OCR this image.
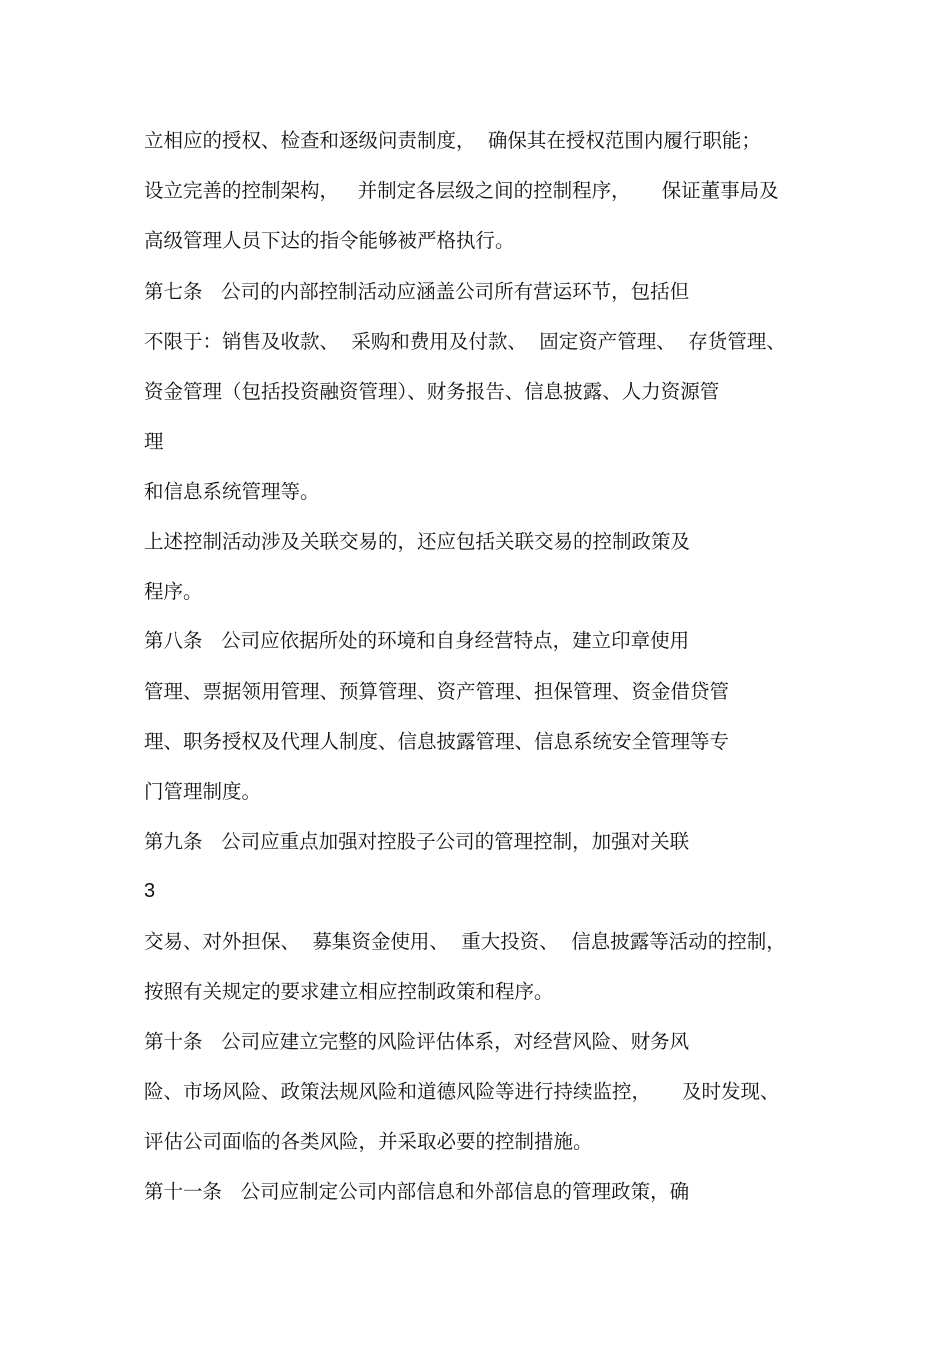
立相应的授权、检查和逐级问责制度，  确保其在授权范围内履行职能；
设立完善的控制架构，   并制定各层级之间的控制程序，     保证董事局及
高级管理人员下达的指令能够被严格执行。
第七条   公司的内部控制活动应涵盖公司所有营运环节，包括但
不限于：销售及收款、  采购和费用及付款、  固定资产管理、  存货管理、
资金管理（包括投资融资管理）、财务报告、信息披露、人力资源管
理
和信息系统管理等。
上述控制活动涉及关联交易的，还应包括关联交易的控制政策及
程序。
第八条   公司应依据所处的环境和自身经营特点，建立印章使用
管理、票据领用管理、预算管理、资产管理、担保管理、资金借贷管
理、职务授权及代理人制度、信息披露管理、信息系统安全管理等专
门管理制度。
第九条   公司应重点加强对控股子公司的管理控制，加强对关联
3
交易、对外担保、  募集资金使用、  重大投资、  信息披露等活动的控制，
按照有关规定的要求建立相应控制政策和程序。
第十条   公司应建立完整的风险评估体系，对经营风险、财务风
险、市场风险、政策法规风险和道德风险等进行持续监控，     及时发现、
评估公司面临的各类风险，并采取必要的控制措施。
第十一条   公司应制定公司内部信息和外部信息的管理政策，确
